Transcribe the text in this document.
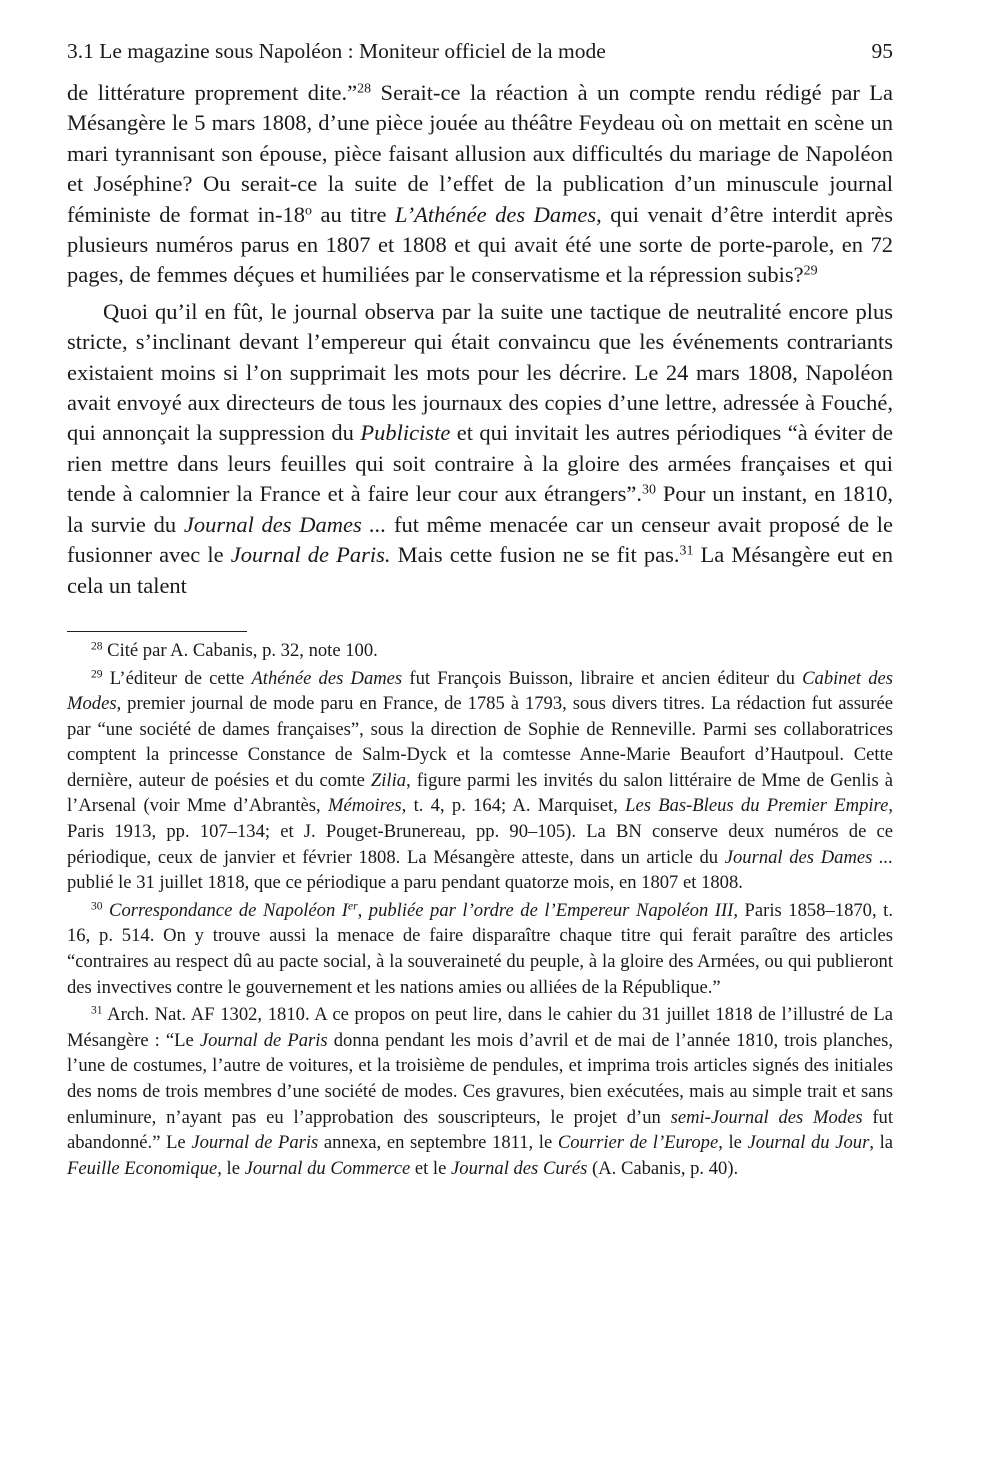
3.1 Le magazine sous Napoléon : Moniteur officiel de la mode	95

de littérature proprement dite.”$^{28}$ Serait-ce la réaction à un compte rendu rédigé par La Mésangère le 5 mars 1808, d’une pièce jouée au théâtre Feydeau où on mettait en scène un mari tyrannisant son épouse, pièce faisant allusion aux difficultés du mariage de Napoléon et Joséphine? Ou serait-ce la suite de l’effet de la publication d’un minuscule journal féministe de format in-18$^o$ au titre L’Athénée des Dames, qui venait d’être interdit après plusieurs numéros parus en 1807 et 1808 et qui avait été une sorte de porte-parole, en 72 pages, de femmes déçues et humiliées par le conservatisme et la répression subis?$^{29}$

Quoi qu’il en fût, le journal observa par la suite une tactique de neutralité encore plus stricte, s’inclinant devant l’empereur qui était convaincu que les événements contrariants existaient moins si l’on supprimait les mots pour les décrire. Le 24 mars 1808, Napoléon avait envoyé aux directeurs de tous les journaux des copies d’une lettre, adressée à Fouché, qui annonçait la suppression du Publiciste et qui invitait les autres périodiques “à éviter de rien mettre dans leurs feuilles qui soit contraire à la gloire des armées françaises et qui tende à calomnier la France et à faire leur cour aux étrangers”.$^{30}$ Pour un instant, en 1810, la survie du Journal des Dames ... fut même menacée car un censeur avait proposé de le fusionner avec le Journal de Paris. Mais cette fusion ne se fit pas.$^{31}$ La Mésangère eut en cela un talent

$^{28}$ Cité par A. Cabanis, p. 32, note 100.

$^{29}$ L’éditeur de cette Athénée des Dames fut François Buisson, libraire et ancien éditeur du Cabinet des Modes, premier journal de mode paru en France, de 1785 à 1793, sous divers titres. La rédaction fut assurée par “une société de dames françaises”, sous la direction de Sophie de Renneville. Parmi ses collaboratrices comptent la princesse Constance de Salm-Dyck et la comtesse Anne-Marie Beaufort d’Hautpoul. Cette dernière, auteur de poésies et du comte Zilia, figure parmi les invités du salon littéraire de Mme de Genlis à l’Arsenal (voir Mme d’Abrantès, Mémoires, t. 4, p. 164; A. Marquiset, Les Bas-Bleus du Premier Empire, Paris 1913, pp. 107–134; et J. Pouget-Brunereau, pp. 90–105). La BN conserve deux numéros de ce périodique, ceux de janvier et février 1808. La Mésangère atteste, dans un article du Journal des Dames ... publié le 31 juillet 1818, que ce périodique a paru pendant quatorze mois, en 1807 et 1808.

$^{30}$ Correspondance de Napoléon Ier, publiée par l’ordre de l’Empereur Napoléon III, Paris 1858–1870, t. 16, p. 514. On y trouve aussi la menace de faire disparaître chaque titre qui ferait paraître des articles “contraires au respect dû au pacte social, à la souveraineté du peuple, à la gloire des Armées, ou qui publieront des invectives contre le gouvernement et les nations amies ou alliées de la République.”

$^{31}$ Arch. Nat. AF 1302, 1810. A ce propos on peut lire, dans le cahier du 31 juillet 1818 de l’illustré de La Mésangère : “Le Journal de Paris donna pendant les mois d’avril et de mai de l’année 1810, trois planches, l’une de costumes, l’autre de voitures, et la troisième de pendules, et imprima trois articles signés des initiales des noms de trois membres d’une société de modes. Ces gravures, bien exécutées, mais au simple trait et sans enluminure, n’ayant pas eu l’approbation des souscripteurs, le projet d’un semi-Journal des Modes fut abandonné.” Le Journal de Paris annexa, en septembre 1811, le Courrier de l’Europe, le Journal du Jour, la Feuille Economique, le Journal du Commerce et le Journal des Curés (A. Cabanis, p. 40).
